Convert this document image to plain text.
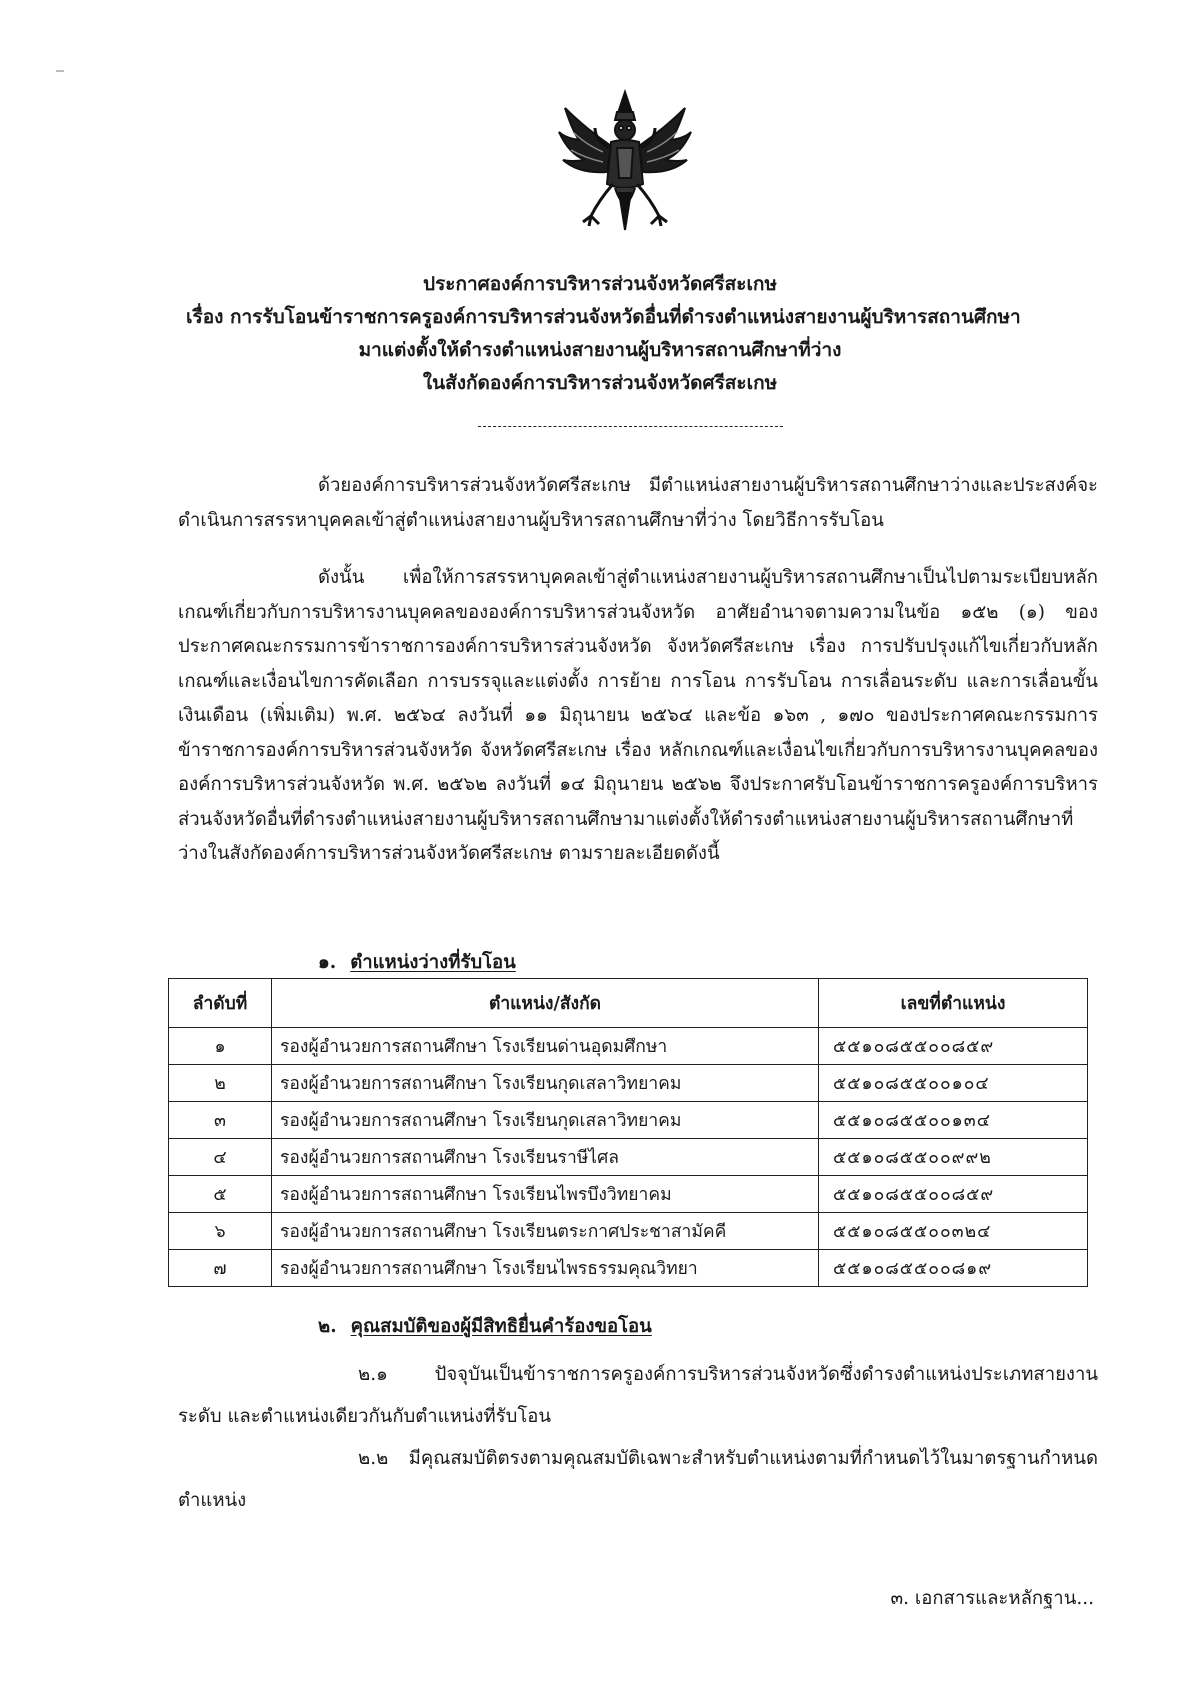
ประกาศองค์การบริหารส่วนจังหวัดศรีสะเกษ
เรื่อง การรับโอนข้าราชการครูองค์การบริหารส่วนจังหวัดอื่นที่ดำรงตำแหน่งสายงานผู้บริหารสถานศึกษา
มาแต่งตั้งให้ดำรงตำแหน่งสายงานผู้บริหารสถานศึกษาที่ว่าง
ในสังกัดองค์การบริหารส่วนจังหวัดศรีสะเกษ
ด้วยองค์การบริหารส่วนจังหวัดศรีสะเกษ มีตำแหน่งสายงานผู้บริหารสถานศึกษาว่างและประสงค์จะดำเนินการสรรหาบุคคลเข้าสู่ตำแหน่งสายงานผู้บริหารสถานศึกษาที่ว่าง โดยวิธีการรับโอน
ดังนั้น เพื่อให้การสรรหาบุคคลเข้าสู่ตำแหน่งสายงานผู้บริหารสถานศึกษาเป็นไปตามระเบียบหลักเกณฑ์เกี่ยวกับการบริหารงานบุคคลขององค์การบริหารส่วนจังหวัด อาศัยอำนาจตามความในข้อ ๑๕๒ (๑) ของประกาศคณะกรรมการข้าราชการองค์การบริหารส่วนจังหวัด จังหวัดศรีสะเกษ เรื่อง การปรับปรุงแก้ไขเกี่ยวกับหลักเกณฑ์และเงื่อนไขการคัดเลือก การบรรจุและแต่งตั้ง การย้าย การโอน การรับโอน การเลื่อนระดับ และการเลื่อนขั้นเงินเดือน (เพิ่มเติม) พ.ศ. ๒๕๖๔ ลงวันที่ ๑๑ มิถุนายน ๒๕๖๔ และข้อ ๑๖๓ , ๑๗๐ ของประกาศคณะกรรมการข้าราชการองค์การบริหารส่วนจังหวัด จังหวัดศรีสะเกษ เรื่อง หลักเกณฑ์และเงื่อนไขเกี่ยวกับการบริหารงานบุคคลขององค์การบริหารส่วนจังหวัด พ.ศ. ๒๕๖๒ ลงวันที่ ๑๔ มิถุนายน ๒๕๖๒ จึงประกาศรับโอนข้าราชการครูองค์การบริหารส่วนจังหวัดอื่นที่ดำรงตำแหน่งสายงานผู้บริหารสถานศึกษามาแต่งตั้งให้ดำรงตำแหน่งสายงานผู้บริหารสถานศึกษาที่ว่างในสังกัดองค์การบริหารส่วนจังหวัดศรีสะเกษ ตามรายละเอียดดังนี้
๑. ตำแหน่งว่างที่รับโอน
ลำดับที่	ตำแหน่ง/สังกัด	เลขที่ตำแหน่ง
๑	รองผู้อำนวยการสถานศึกษา โรงเรียนด่านอุดมศึกษา	๕๕๑๐๘๕๕๐๐๘๕๙
๒	รองผู้อำนวยการสถานศึกษา โรงเรียนกุดเสลาวิทยาคม	๕๕๑๐๘๕๕๐๐๑๐๔
๓	รองผู้อำนวยการสถานศึกษา โรงเรียนกุดเสลาวิทยาคม	๕๕๑๐๘๕๕๐๐๑๓๔
๔	รองผู้อำนวยการสถานศึกษา โรงเรียนราษีไศล	๕๕๑๐๘๕๕๐๐๙๙๒
๕	รองผู้อำนวยการสถานศึกษา โรงเรียนไพรบึงวิทยาคม	๕๕๑๐๘๕๕๐๐๘๕๙
๖	รองผู้อำนวยการสถานศึกษา โรงเรียนตระกาศประชาสามัคคี	๕๕๑๐๘๕๕๐๐๓๒๔
๗	รองผู้อำนวยการสถานศึกษา โรงเรียนไพรธรรมคุณวิทยา	๕๕๑๐๘๕๕๐๐๘๑๙
๒. คุณสมบัติของผู้มีสิทธิยื่นคำร้องขอโอน
๒.๑ ปัจจุบันเป็นข้าราชการครูองค์การบริหารส่วนจังหวัดซึ่งดำรงตำแหน่งประเภทสายงาน ระดับ และตำแหน่งเดียวกันกับตำแหน่งที่รับโอน
๒.๒ มีคุณสมบัติตรงตามคุณสมบัติเฉพาะสำหรับตำแหน่งตามที่กำหนดไว้ในมาตรฐานกำหนดตำแหน่ง
๓. เอกสารและหลักฐาน...
